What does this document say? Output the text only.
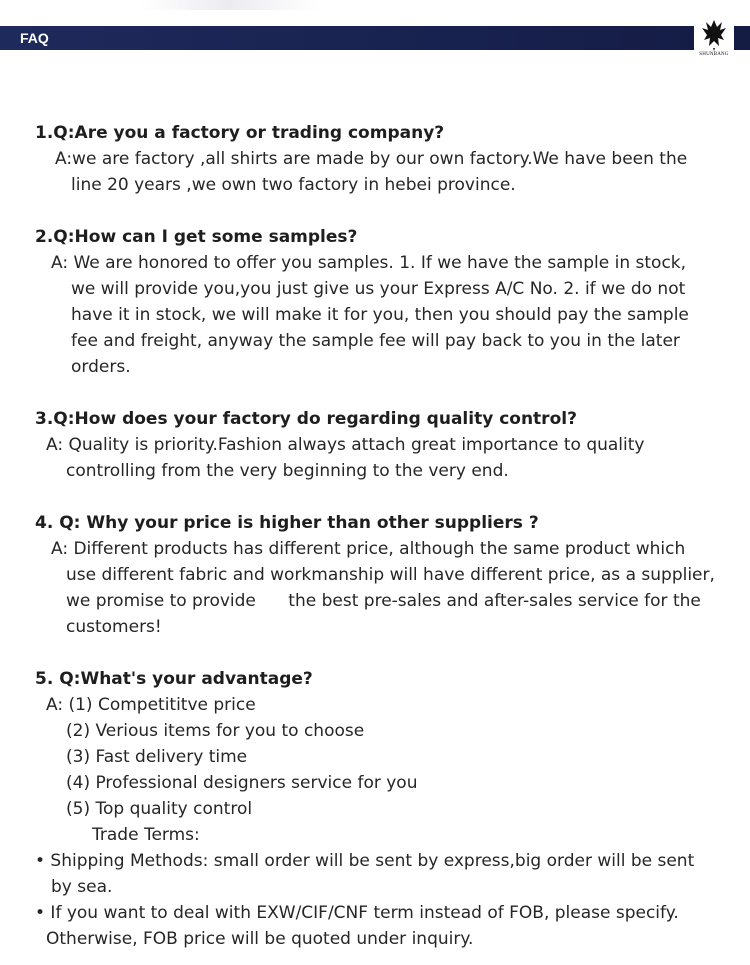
FAQ
SHUNBANG
1.Q:Are you a factory or trading company?
A:we are factory ,all shirts are made by our own factory.We have been the
line 20 years ,we own two factory in hebei province.
2.Q:How can I get some samples?
A: We are honored to offer you samples. 1. If we have the sample in stock,
we will provide you,you just give us your Express A/C No. 2. if we do not
have it in stock, we will make it for you, then you should pay the sample
fee and freight, anyway the sample fee will pay back to you in the later
orders.
3.Q:How does your factory do regarding quality control?
A: Quality is priority.Fashion always attach great importance to quality
controlling from the very beginning to the very end.
4. Q: Why your price is higher than other suppliers ?
A: Different products has different price, although the same product which
use different fabric and workmanship will have different price, as a supplier,
we promise to provide      the best pre-sales and after-sales service for the
customers!
5. Q:What's your advantage?
A: (1) Competititve price
(2) Verious items for you to choose
(3) Fast delivery time
(4) Professional designers service for you
(5) Top quality control
Trade Terms:
• Shipping Methods: small order will be sent by express,big order will be sent
by sea.
• If you want to deal with EXW/CIF/CNF term instead of FOB, please specify.
Otherwise, FOB price will be quoted under inquiry.
